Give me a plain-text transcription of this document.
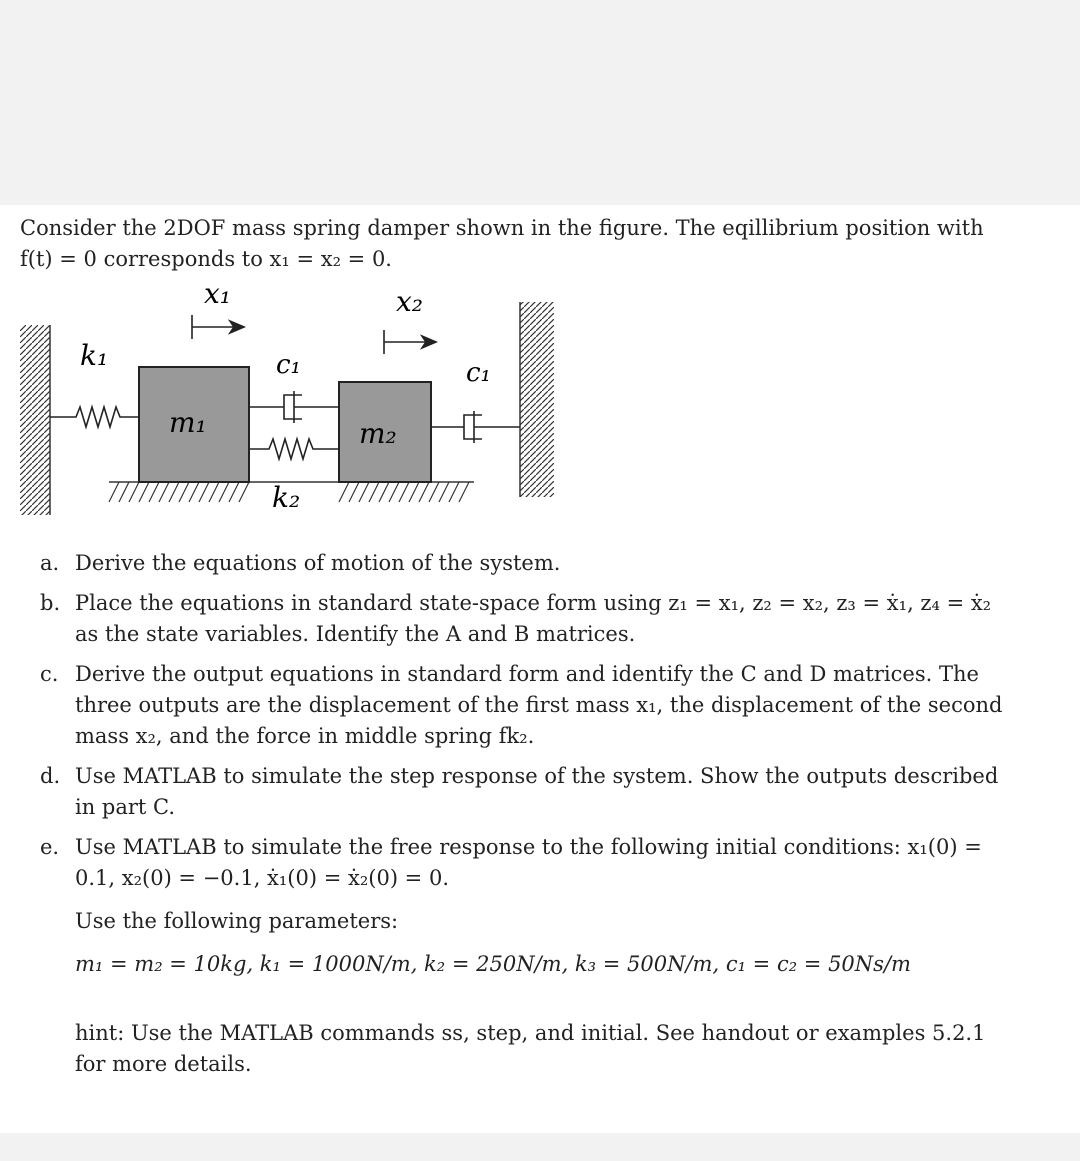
Consider the 2DOF mass spring damper shown in the figure. The eqillibrium position with
f(t) = 0 corresponds to x₁ = x₂ = 0.
x₁	x₂
k₁	c₁	c₁
m₁	m₂
k₂
a. Derive the equations of motion of the system.
b. Place the equations in standard state-space form using z₁ = x₁, z₂ = x₂, z₃ = ẋ₁, z₄ = ẋ₂
as the state variables. Identify the A and B matrices.
c. Derive the output equations in standard form and identify the C and D matrices. The
three outputs are the displacement of the first mass x₁, the displacement of the second
mass x₂, and the force in middle spring fk₂.
d. Use MATLAB to simulate the step response of the system. Show the outputs described
in part C.
e. Use MATLAB to simulate the free response to the following initial conditions: x₁(0) =
0.1, x₂(0) = −0.1, ẋ₁(0) = ẋ₂(0) = 0.
Use the following parameters:
m₁ = m₂ = 10kg, k₁ = 1000N/m, k₂ = 250N/m, k₃ = 500N/m, c₁ = c₂ = 50Ns/m
hint: Use the MATLAB commands ss, step, and initial. See handout or examples 5.2.1
for more details.
